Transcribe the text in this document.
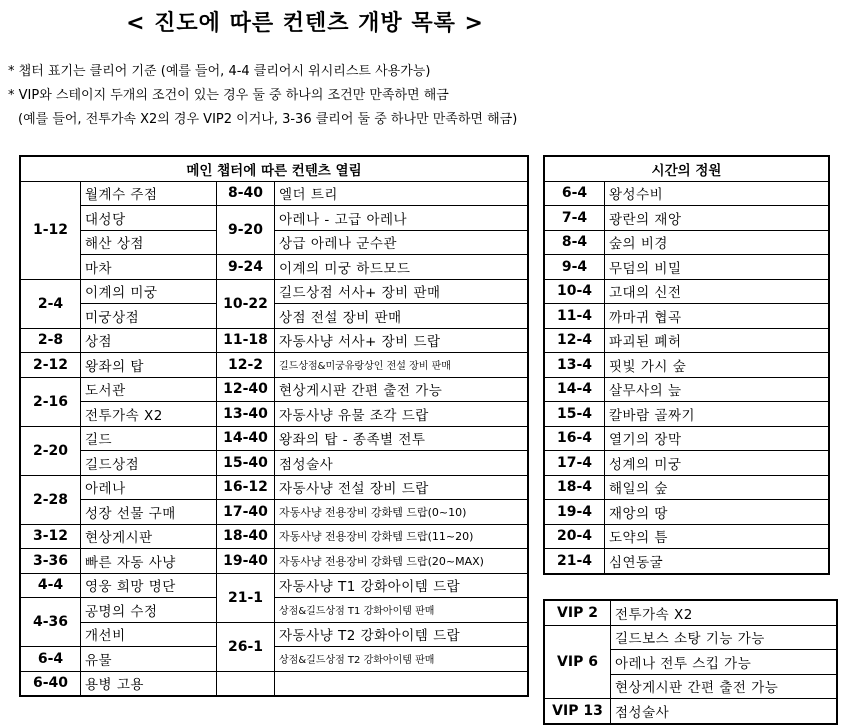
< 진도에 따른 컨텐츠 개방 목록 >
* 챕터 표기는 클리어 기준 (예를 들어, 4-4 클리어시 위시리스트 사용가능)
* VIP와 스테이지 두개의 조건이 있는 경우 둘 중 하나의 조건만 만족하면 해금
(예를 들어, 전투가속 X2의 경우 VIP2 이거나, 3-36 클리어 둘 중 하나만 만족하면 해금)
메인 챕터에 따른 컨텐츠 열림			
1-12	월계수 주점	8-40	엘더 트리
	대성당	9-20	아레나 - 고급 아레나
	해산 상점		상급 아레나 군수관
	마차	9-24	이계의 미궁 하드모드
2-4	이계의 미궁	10-22	길드상점 서사+ 장비 판매
	미궁상점		상점 전설 장비 판매
2-8	상점	11-18	자동사냥 서사+ 장비 드랍
2-12	왕좌의 탑	12-2	길드상점&미궁유랑상인 전설 장비 판매
2-16	도서관	12-40	현상게시판 간편 출전 가능
	전투가속 X2	13-40	자동사냥 유물 조각 드랍
2-20	길드	14-40	왕좌의 탑 - 종족별 전투
	길드상점	15-40	점성술사
2-28	아레나	16-12	자동사냥 전설 장비 드랍
	성장 선물 구매	17-40	자동사냥 전용장비 강화템 드랍(0~10)
3-12	현상게시판	18-40	자동사냥 전용장비 강화템 드랍(11~20)
3-36	빠른 자동 사냥	19-40	자동사냥 전용장비 강화템 드랍(20~MAX)
4-4	영웅 희망 명단	21-1	자동사냥 T1 강화아이템 드랍
4-36	공명의 수정		상점&길드상점 T1 강화아이템 판매
	개선비	26-1	자동사냥 T2 강화아이템 드랍
6-4	유물		상점&길드상점 T2 강화아이템 판매
6-40	용병 고용		
시간의 정원	
6-4	왕성수비
7-4	광란의 재앙
8-4	숲의 비경
9-4	무덤의 비밀
10-4	고대의 신전
11-4	까마귀 협곡
12-4	파괴된 폐허
13-4	핏빛 가시 숲
14-4	살무사의 늪
15-4	칼바람 골짜기
16-4	열기의 장막
17-4	성계의 미궁
18-4	해일의 숲
19-4	재앙의 땅
20-4	도약의 틈
21-4	심연동굴
VIP 2	전투가속 X2
VIP 6	길드보스 소탕 기능 가능
	아레나 전투 스킵 가능
	현상게시판 간편 출전 가능
VIP 13	점성술사
